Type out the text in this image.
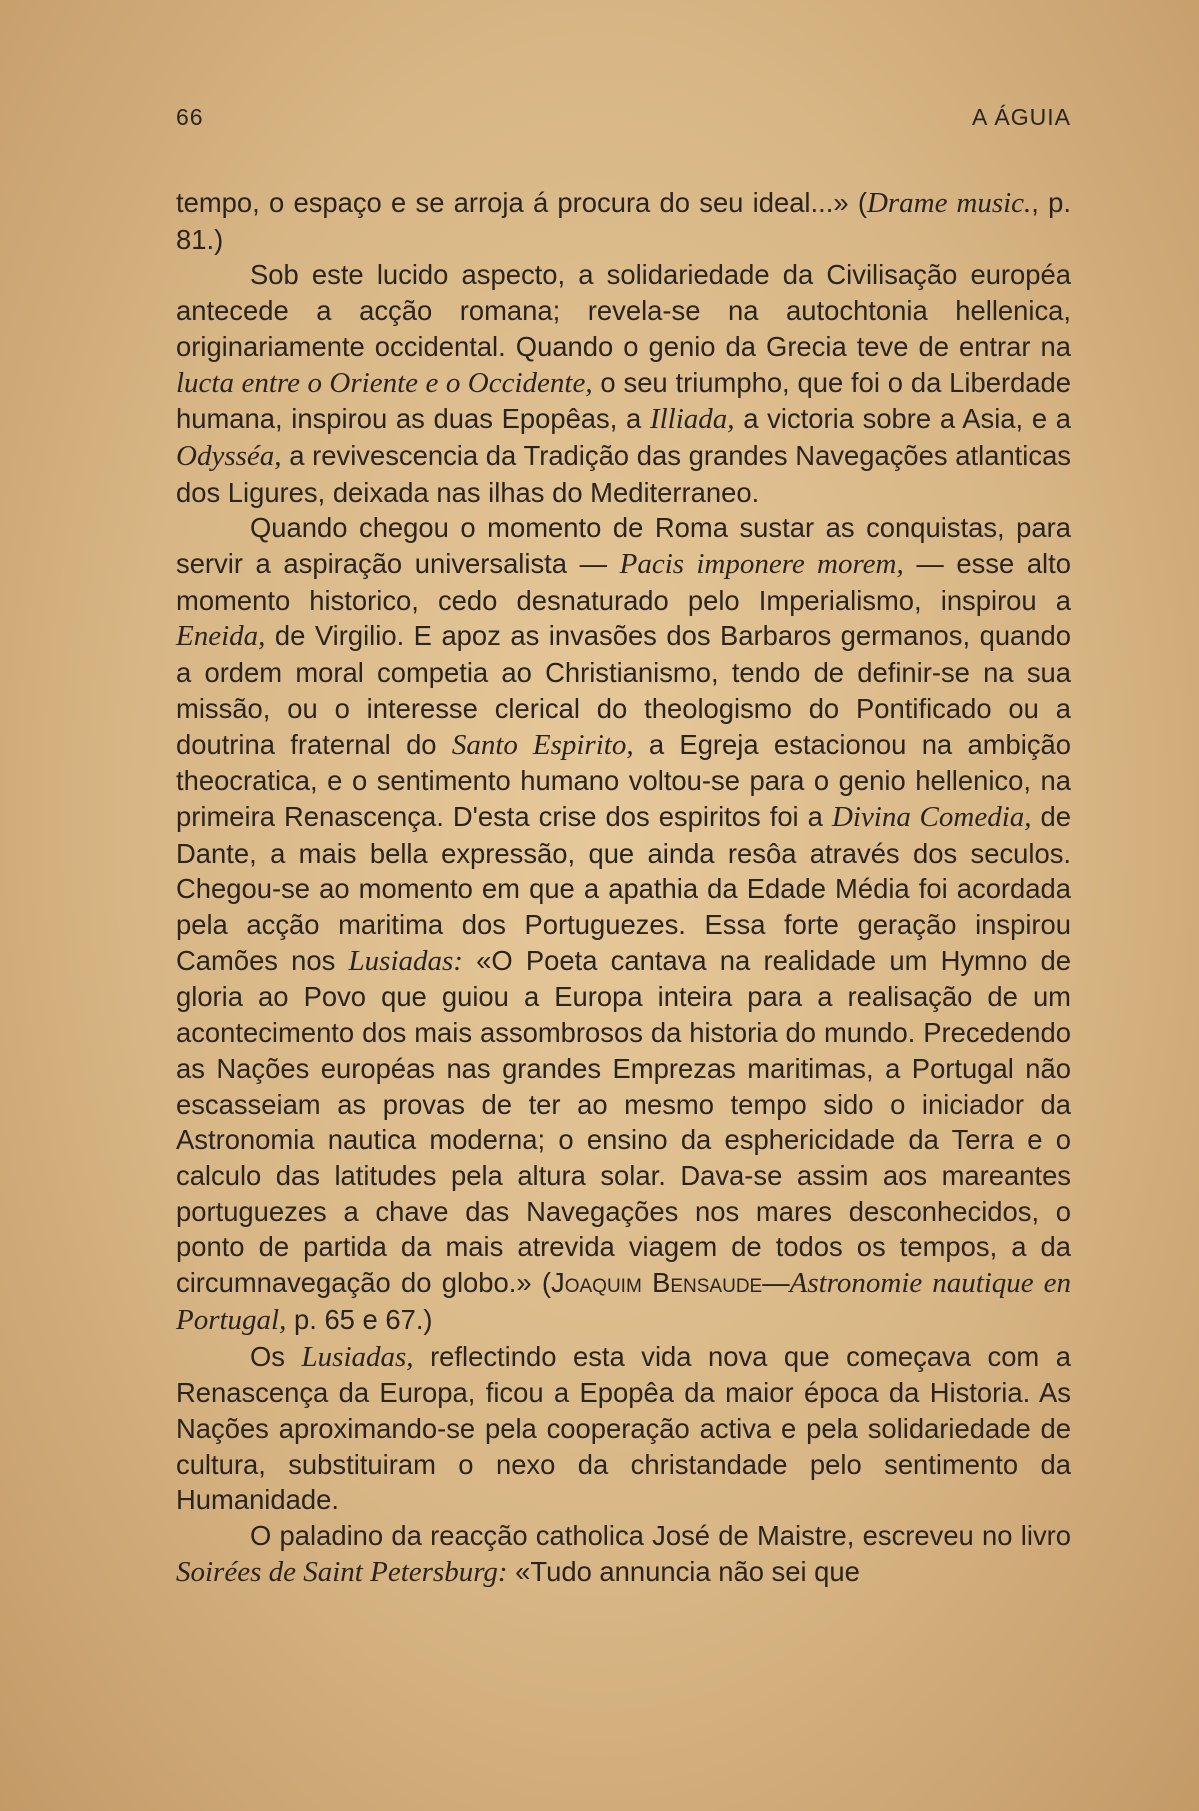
66	A ÁGUIA

tempo, o espaço e se arroja á procura do seu ideal...» (Drame music., p. 81.)

Sob este lucido aspecto, a solidariedade da Civilisação européa antecede a acção romana; revela-se na autochtonia hellenica, originariamente occidental. Quando o genio da Grecia teve de entrar na lucta entre o Oriente e o Occidente, o seu triumpho, que foi o da Liberdade humana, inspirou as duas Epopêas, a Illiada, a victoria sobre a Asia, e a Odysséa, a revivescencia da Tradição das grandes Navegações atlanticas dos Ligures, deixada nas ilhas do Mediterraneo.

Quando chegou o momento de Roma sustar as conquistas, para servir a aspiração universalista — Pacis imponere morem, — esse alto momento historico, cedo desnaturado pelo Imperialismo, inspirou a Eneida, de Virgilio. E apoz as invasões dos Barbaros germanos, quando a ordem moral competia ao Christianismo, tendo de definir-se na sua missão, ou o interesse clerical do theologismo do Pontificado ou a doutrina fraternal do Santo Espirito, a Egreja estacionou na ambição theocratica, e o sentimento humano voltou-se para o genio hellenico, na primeira Renascença. D'esta crise dos espiritos foi a Divina Comedia, de Dante, a mais bella expressão, que ainda resôa através dos seculos. Chegou-se ao momento em que a apathia da Edade Média foi acordada pela acção maritima dos Portuguezes. Essa forte geração inspirou Camões nos Lusiadas: «O Poeta cantava na realidade um Hymno de gloria ao Povo que guiou a Europa inteira para a realisação de um acontecimento dos mais assombrosos da historia do mundo. Precedendo as Nações européas nas grandes Emprezas maritimas, a Portugal não escasseiam as provas de ter ao mesmo tempo sido o iniciador da Astronomia nautica moderna; o ensino da esphericidade da Terra e o calculo das latitudes pela altura solar. Dava-se assim aos mareantes portuguezes a chave das Navegações nos mares desconhecidos, o ponto de partida da mais atrevida viagem de todos os tempos, a da circumnavegação do globo.» (Joaquim Bensaude—Astronomie nautique en Portugal, p. 65 e 67.)

Os Lusiadas, reflectindo esta vida nova que começava com a Renascença da Europa, ficou a Epopêa da maior época da Historia. As Nações aproximando-se pela cooperação activa e pela solidariedade de cultura, substituiram o nexo da christandade pelo sentimento da Humanidade.

O paladino da reacção catholica José de Maistre, escreveu no livro Soirées de Saint Petersburg: «Tudo annuncia não sei que
